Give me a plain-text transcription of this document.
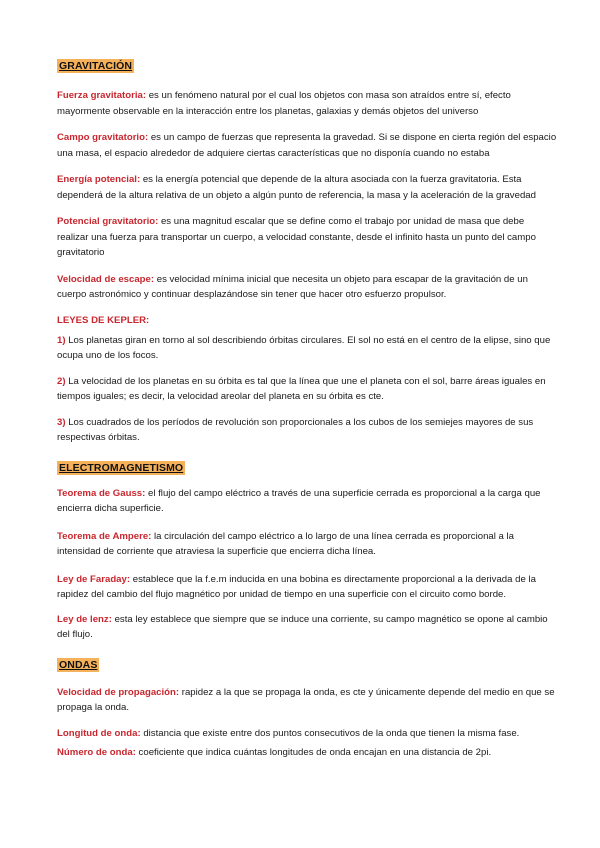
GRAVITACIÓN
Fuerza gravitatoria: es un fenómeno natural por el cual los objetos con masa son atraídos entre sí, efecto mayormente observable en la interacción entre los planetas, galaxias y demás objetos del universo
Campo gravitatorio: es un campo de fuerzas que representa la gravedad. Si se dispone en cierta región del espacio una masa, el espacio alrededor de adquiere ciertas características que no disponía cuando no estaba
Energía potencial: es la energía potencial que depende de la altura asociada con la fuerza gravitatoria. Esta dependerá de la altura relativa de un objeto a algún punto de referencia, la masa y la aceleración de la gravedad
Potencial gravitatorio: es una magnitud escalar que se define como el trabajo por unidad de masa que debe realizar una fuerza para transportar un cuerpo, a velocidad constante, desde el infinito hasta un punto del campo gravitatorio
Velocidad de escape: es velocidad mínima inicial que necesita un objeto para escapar de la gravitación de un cuerpo astronómico y continuar desplazándose sin tener que hacer otro esfuerzo propulsor.
LEYES DE KEPLER:
1) Los planetas giran en torno al sol describiendo órbitas circulares. El sol no está en el centro de la elipse, sino que ocupa uno de los focos.
2) La velocidad de los planetas en su órbita es tal que la línea que une el planeta con el sol, barre áreas iguales en tiempos iguales; es decir, la velocidad areolar del planeta en su órbita es cte.
3) Los cuadrados de los períodos de revolución son proporcionales a los cubos de los semiejes mayores de sus respectivas órbitas.
ELECTROMAGNETISMO
Teorema de Gauss: el flujo del campo eléctrico a través de una superficie cerrada es proporcional a la carga que encierra dicha superficie.
Teorema de Ampere: la circulación del campo eléctrico a lo largo de una línea cerrada es proporcional a la intensidad de corriente que atraviesa la superficie que encierra dicha línea.
Ley de Faraday: establece que la f.e.m inducida en una bobina es directamente proporcional a la derivada de la rapidez del cambio del flujo magnético por unidad de tiempo en una superficie con el circuito como borde.
Ley de lenz: esta ley establece que siempre que se induce una corriente, su campo magnético se opone al cambio del flujo.
ONDAS
Velocidad de propagación: rapidez a la que se propaga la onda, es cte y únicamente depende del medio en que se propaga la onda.
Longitud de onda: distancia que existe entre dos puntos consecutivos de la onda que tienen la misma fase.
Número de onda: coeficiente que indica cuántas longitudes de onda encajan en una distancia de 2pi.
